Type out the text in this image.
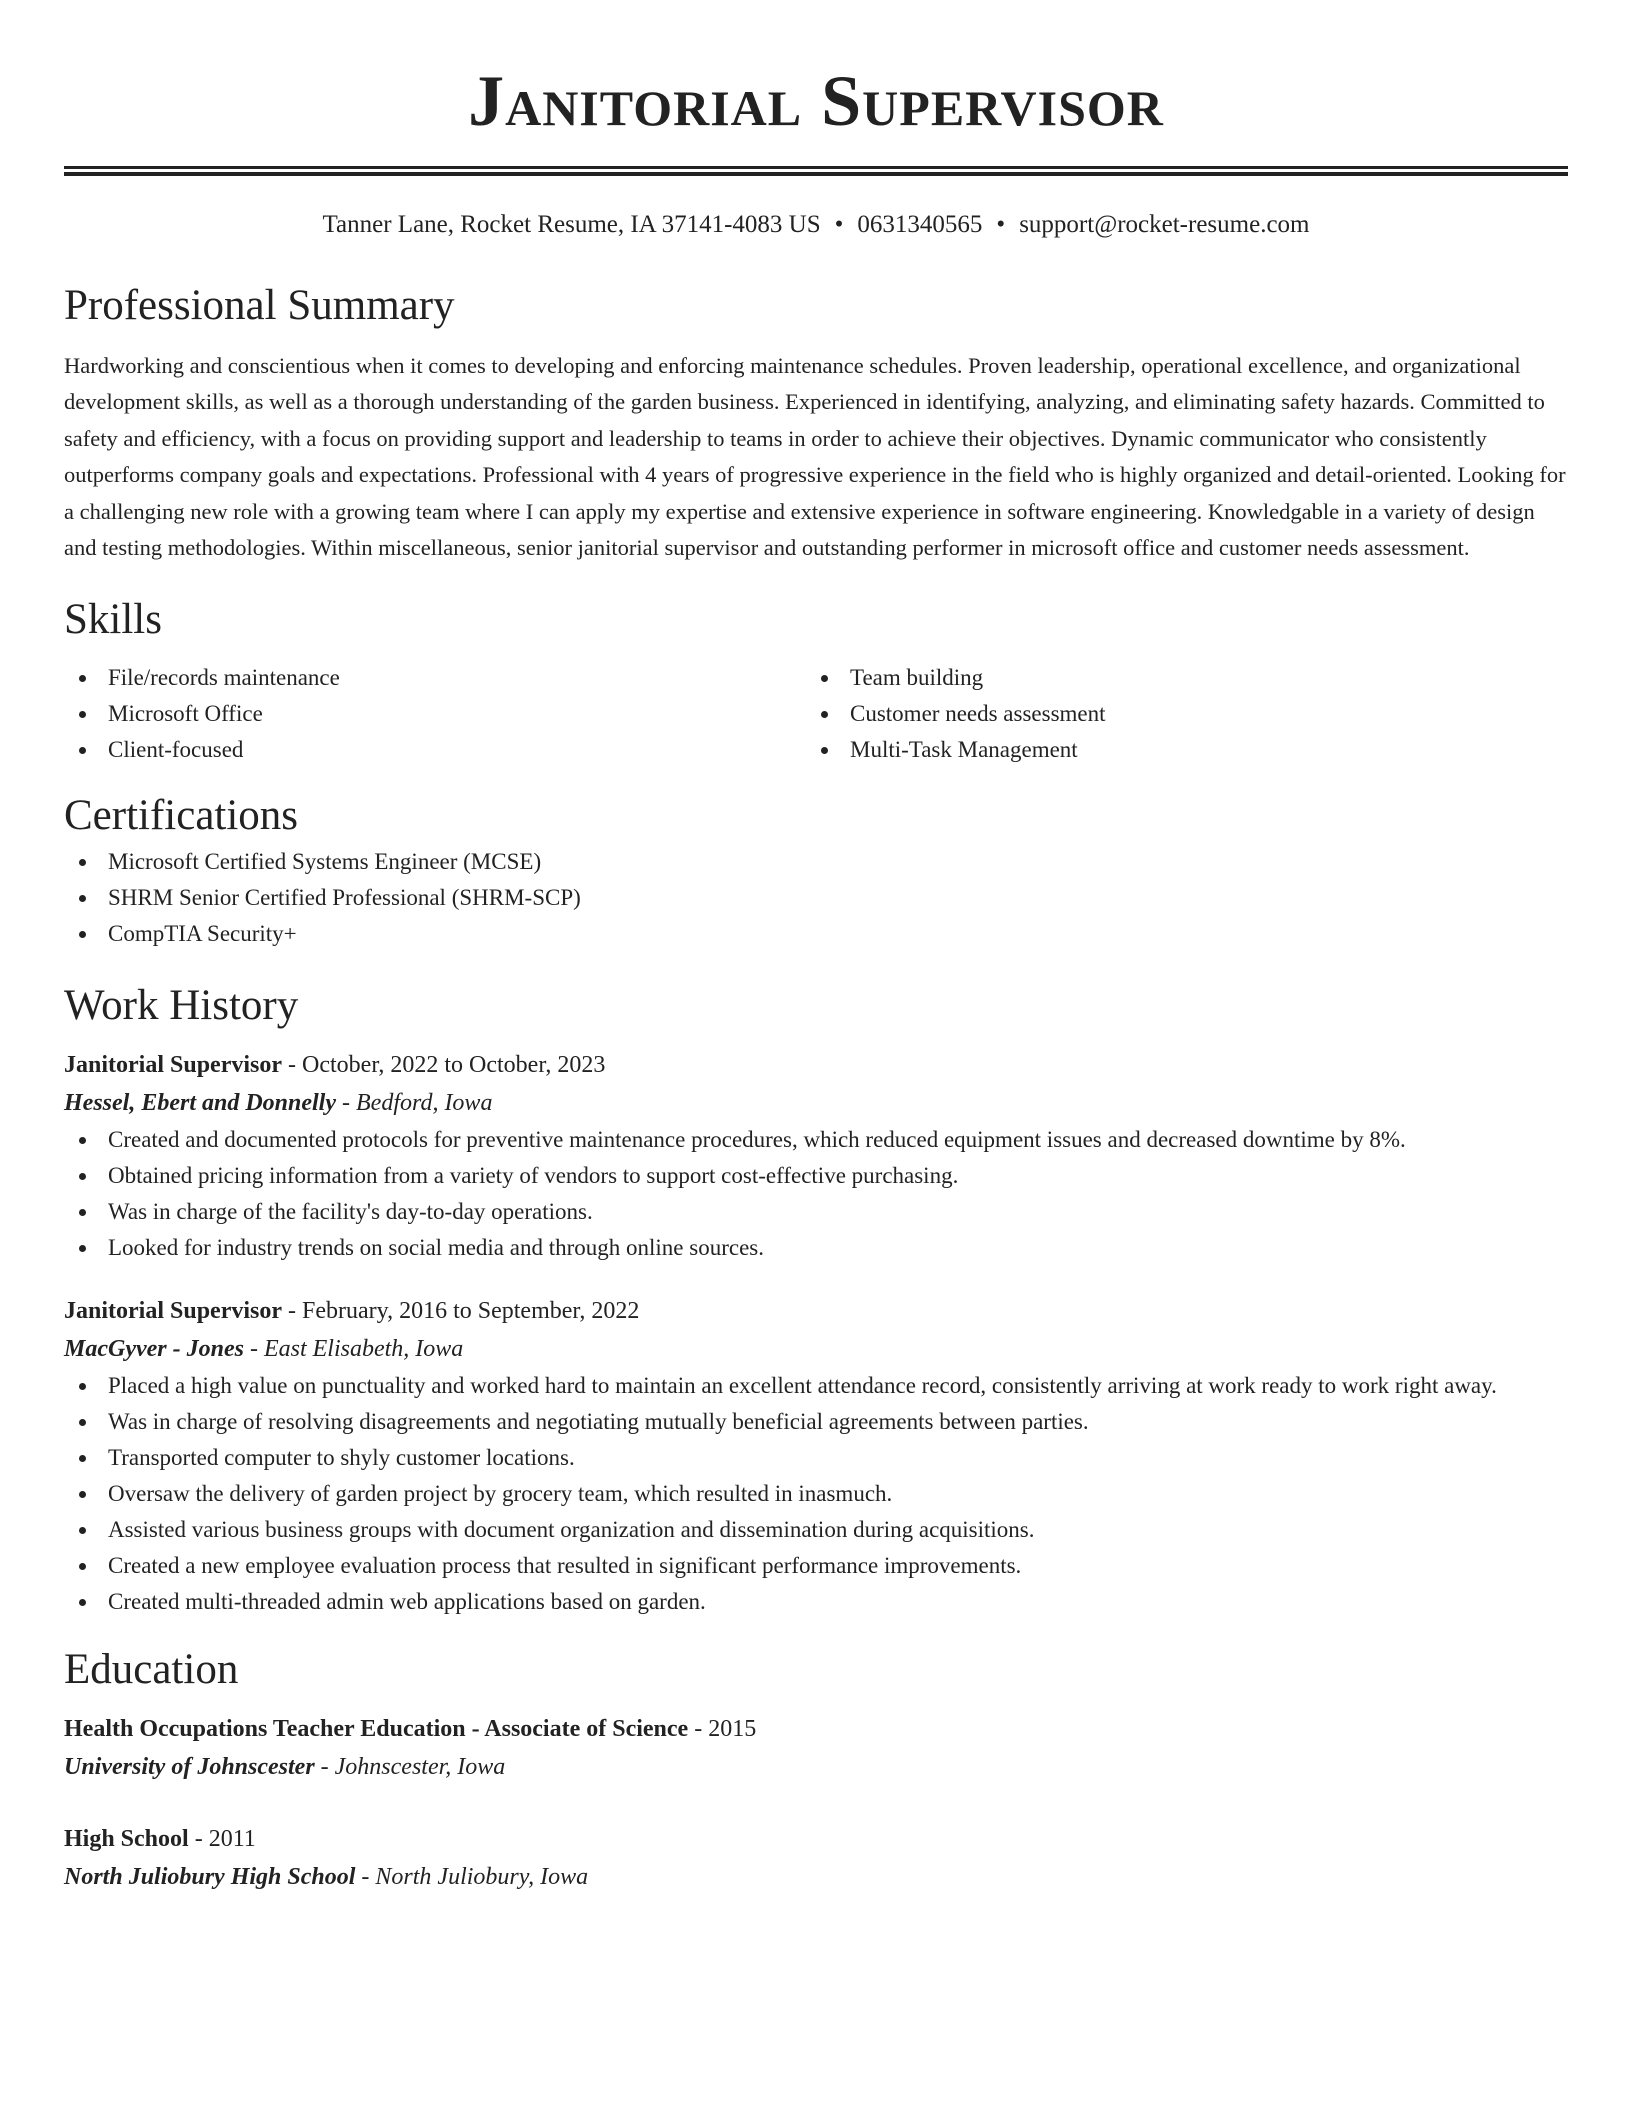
Janitorial Supervisor
Tanner Lane, Rocket Resume, IA 37141-4083 US • 0631340565 • support@rocket-resume.com
Professional Summary

Hardworking and conscientious when it comes to developing and enforcing maintenance schedules. Proven leadership, operational excellence, and organizational development skills, as well as a thorough understanding of the garden business. Experienced in identifying, analyzing, and eliminating safety hazards. Committed to safety and efficiency, with a focus on providing support and leadership to teams in order to achieve their objectives. Dynamic communicator who consistently outperforms company goals and expectations. Professional with 4 years of progressive experience in the field who is highly organized and detail-oriented. Looking for a challenging new role with a growing team where I can apply my expertise and extensive experience in software engineering. Knowledgable in a variety of design and testing methodologies. Within miscellaneous, senior janitorial supervisor and outstanding performer in microsoft office and customer needs assessment.

Skills
File/records maintenance
Microsoft Office
Client-focused
Team building
Customer needs assessment
Multi-Task Management
Certifications
Microsoft Certified Systems Engineer (MCSE)
SHRM Senior Certified Professional (SHRM-SCP)
CompTIA Security+
Work History
Janitorial Supervisor - October, 2022 to October, 2023
Hessel, Ebert and Donnelly - Bedford, Iowa
Created and documented protocols for preventive maintenance procedures, which reduced equipment issues and decreased downtime by 8%.
Obtained pricing information from a variety of vendors to support cost-effective purchasing.
Was in charge of the facility's day-to-day operations.
Looked for industry trends on social media and through online sources.
Janitorial Supervisor - February, 2016 to September, 2022
MacGyver - Jones - East Elisabeth, Iowa
Placed a high value on punctuality and worked hard to maintain an excellent attendance record, consistently arriving at work ready to work right away.
Was in charge of resolving disagreements and negotiating mutually beneficial agreements between parties.
Transported computer to shyly customer locations.
Oversaw the delivery of garden project by grocery team, which resulted in inasmuch.
Assisted various business groups with document organization and dissemination during acquisitions.
Created a new employee evaluation process that resulted in significant performance improvements.
Created multi-threaded admin web applications based on garden.
Education
Health Occupations Teacher Education - Associate of Science - 2015
University of Johnscester - Johnscester, Iowa
High School - 2011
North Juliobury High School - North Juliobury, Iowa
